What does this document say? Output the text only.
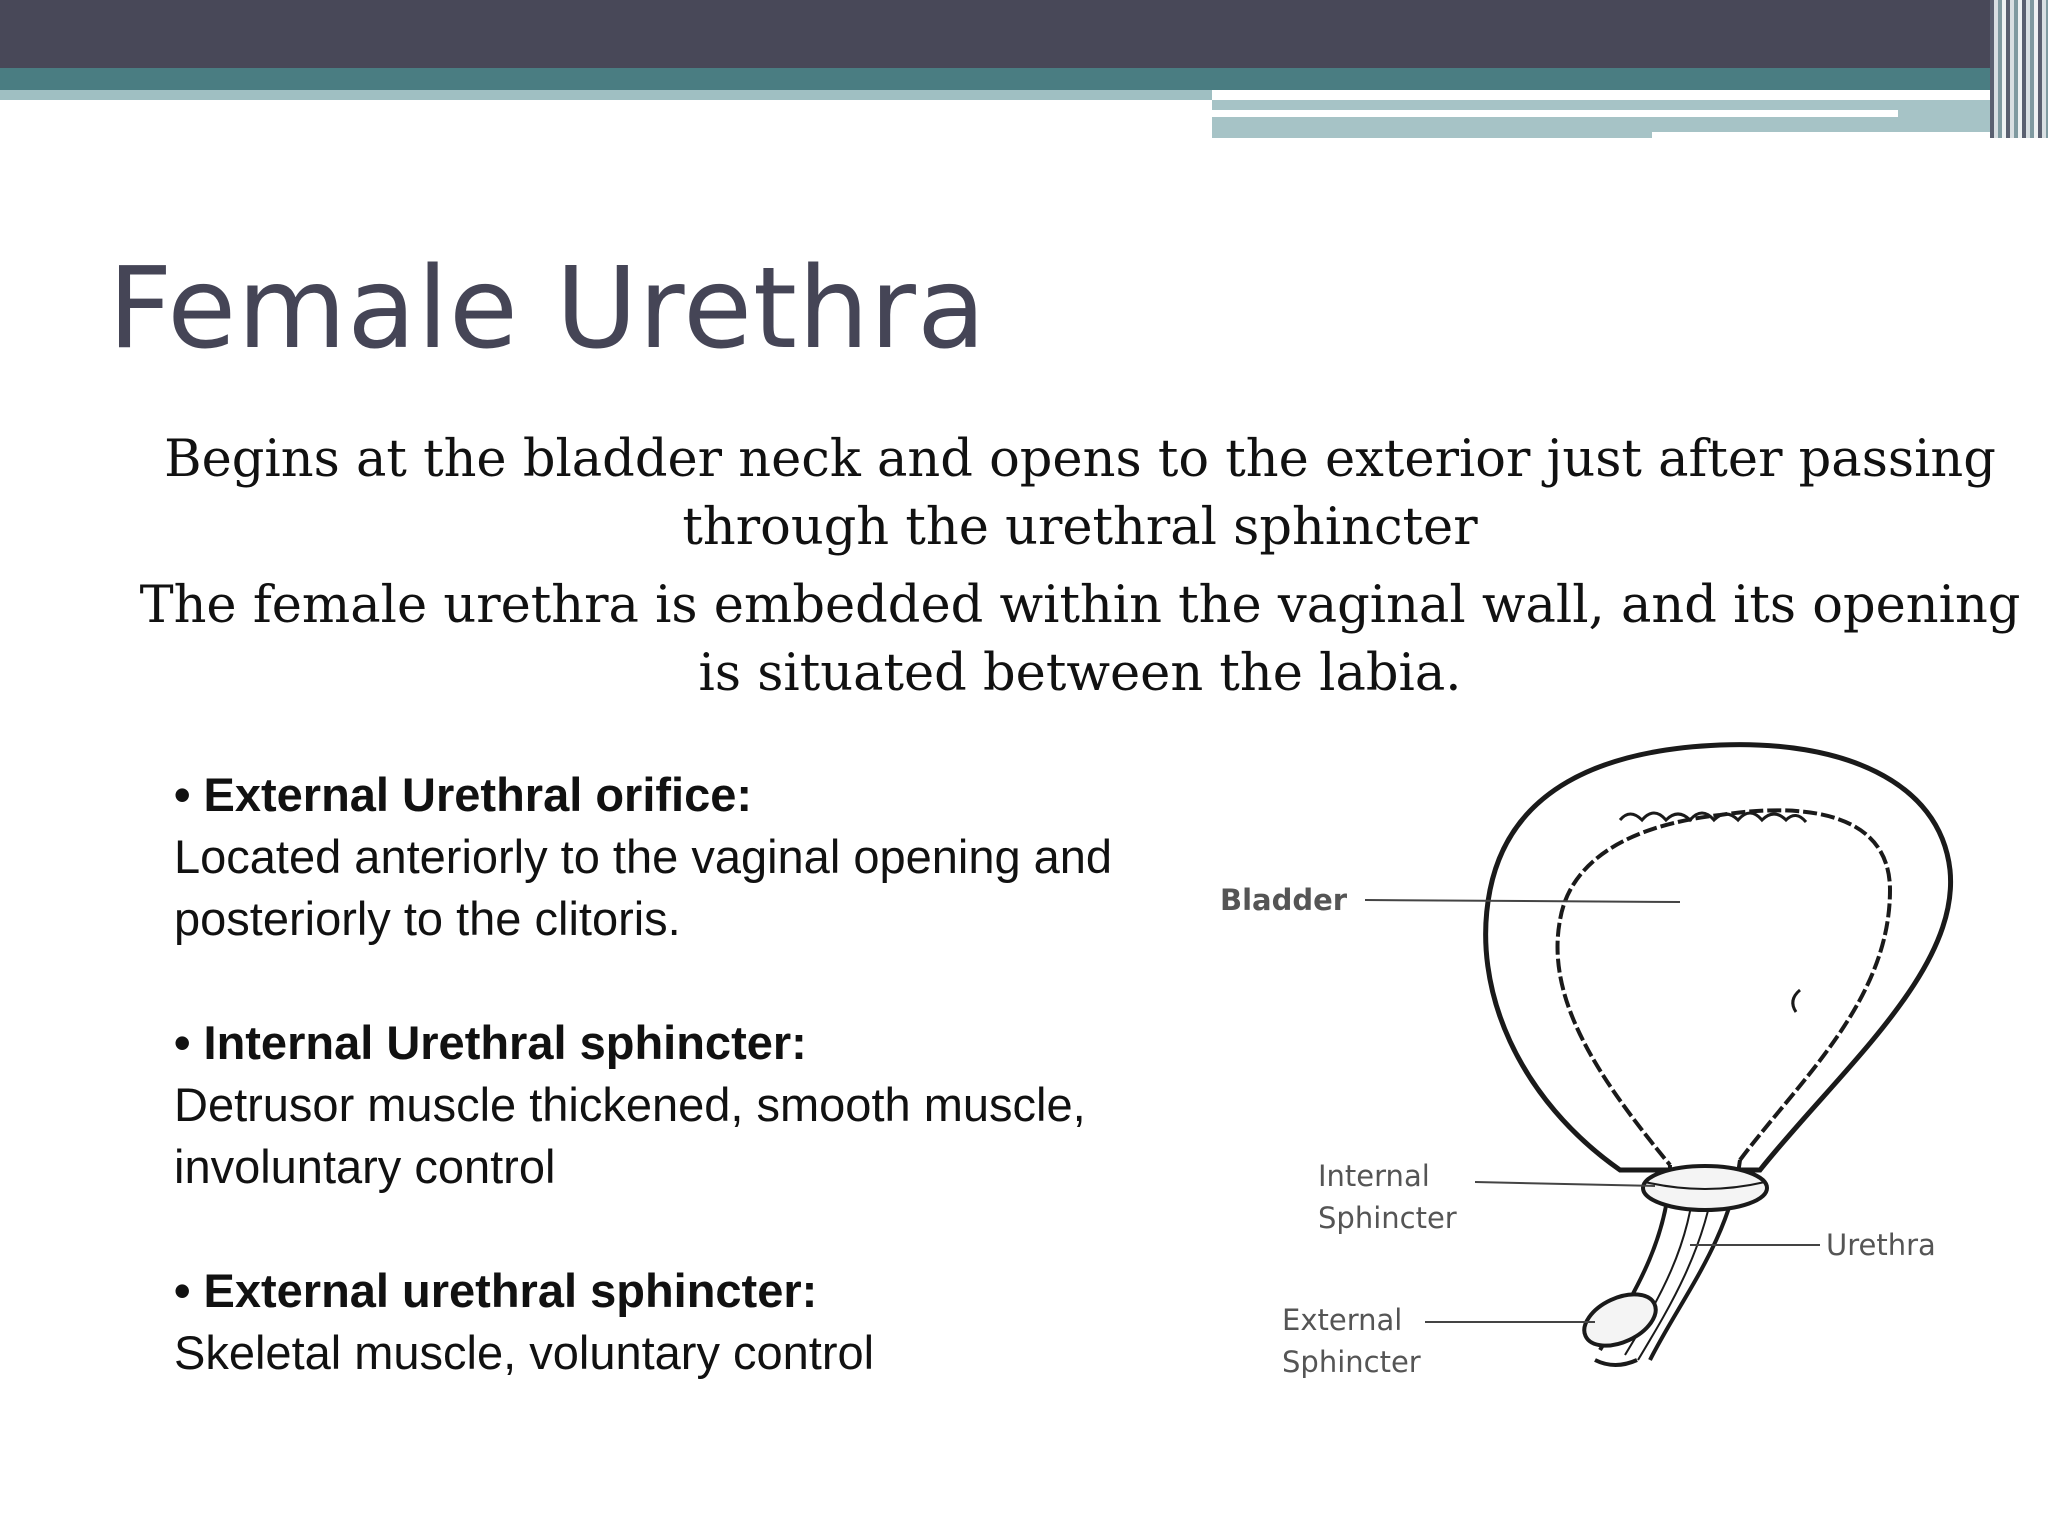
Female Urethra
Begins at the bladder neck and opens to the exterior just after passing through the urethral sphincter
The female urethra is embedded within the vaginal wall, and its opening is situated between the labia.
• External Urethral orifice:
Located anteriorly to the vaginal opening and posteriorly to the clitoris.
• Internal Urethral sphincter:
Detrusor muscle thickened, smooth muscle, involuntary control
• External urethral sphincter:
Skeletal muscle, voluntary control
Bladder
Internal
Sphincter
Urethra
External
Sphincter
